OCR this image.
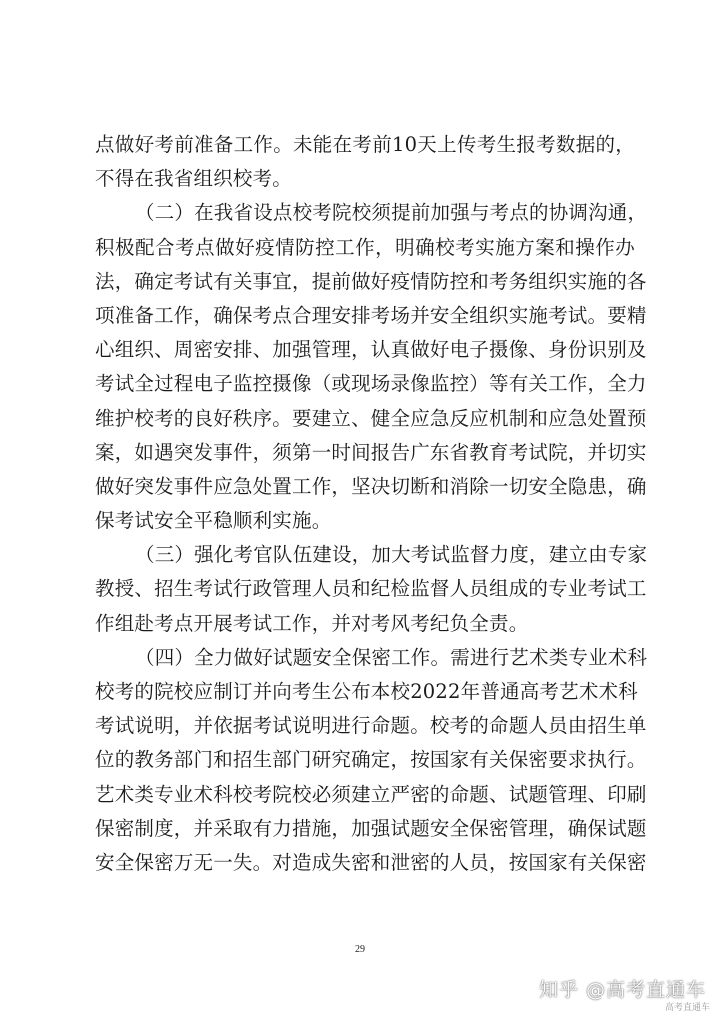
点做好考前准备工作。未能在考前10天上传考生报考数据的，
不得在我省组织校考。
（二）在我省设点校考院校须提前加强与考点的协调沟通，
积极配合考点做好疫情防控工作，明确校考实施方案和操作办
法，确定考试有关事宜，提前做好疫情防控和考务组织实施的各
项准备工作，确保考点合理安排考场并安全组织实施考试。要精
心组织、周密安排、加强管理，认真做好电子摄像、身份识别及
考试全过程电子监控摄像（或现场录像监控）等有关工作，全力
维护校考的良好秩序。要建立、健全应急反应机制和应急处置预
案，如遇突发事件，须第一时间报告广东省教育考试院，并切实
做好突发事件应急处置工作，坚决切断和消除一切安全隐患，确
保考试安全平稳顺利实施。
（三）强化考官队伍建设，加大考试监督力度，建立由专家
教授、招生考试行政管理人员和纪检监督人员组成的专业考试工
作组赴考点开展考试工作，并对考风考纪负全责。
（四）全力做好试题安全保密工作。需进行艺术类专业术科
校考的院校应制订并向考生公布本校2022年普通高考艺术术科
考试说明，并依据考试说明进行命题。校考的命题人员由招生单
位的教务部门和招生部门研究确定，按国家有关保密要求执行。
艺术类专业术科校考院校必须建立严密的命题、试题管理、印刷
保密制度，并采取有力措施，加强试题安全保密管理，确保试题
安全保密万无一失。对造成失密和泄密的人员，按国家有关保密
29
知乎 @高考直通车
高考直通车
